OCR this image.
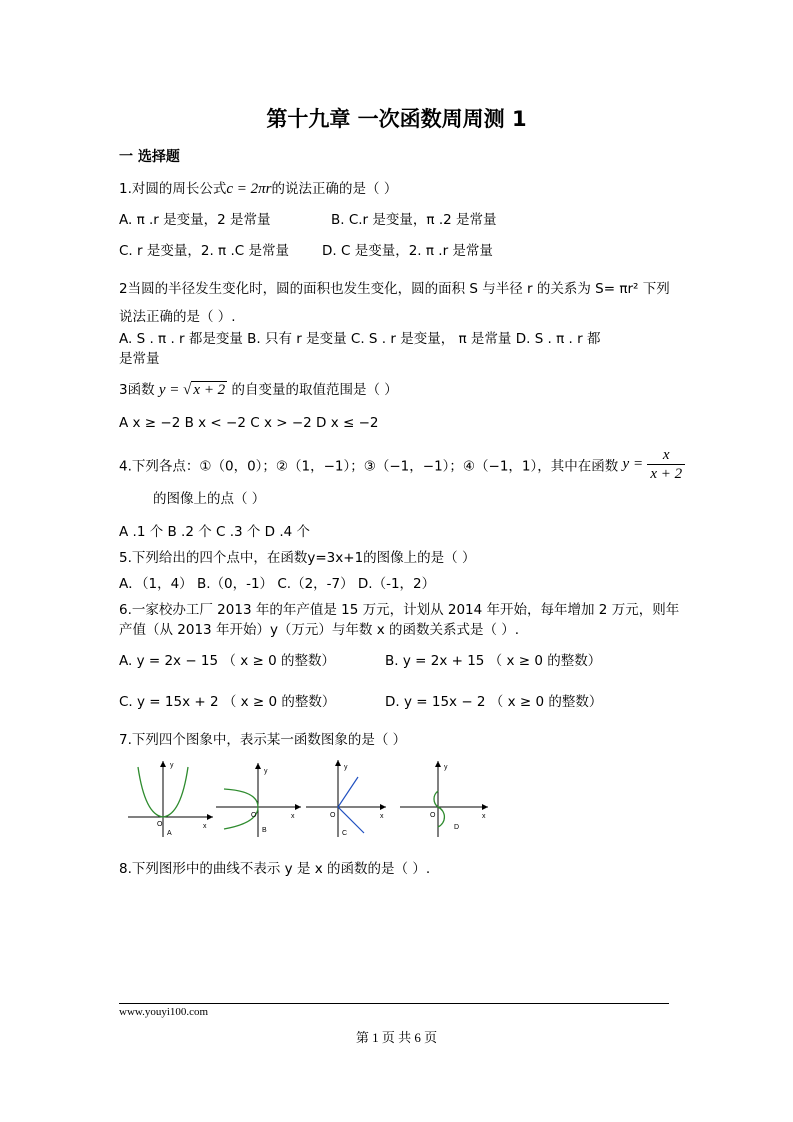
第十九章 一次函数周周测 1
一 选择题
1.对圆的周长公式c = 2πr的说法正确的是（ ）
A. π .r 是变量，2 是常量	B. C.r 是变量，π .2 是常量
C. r 是变量，2. π .C 是常量 D. C 是变量，2. π .r 是常量
2当圆的半径发生变化时，圆的面积也发生变化，圆的面积 S 与半径 r 的关系为 S= πr² 下列
说法正确的是（ ）.
A. S . π . r 都是变量 B. 只有 r 是变量 C. S . r 是变量， π 是常量 D. S . π . r 都
是常量
3函数 y = √ x + 2 的自变量的取值范围是（ ）
A x ≥ −2 B x < −2 C x > −2 D x ≤ −2
4.下列各点：①（0，0）；②（1，−1）；③（−1，−1）；④（−1，1），其中在函数 $y = \frac{x}{x + 2}$
的图像上的点（ ）
A .1 个 B .2 个 C .3 个 D .4 个
5.下列给出的四个点中，在函数y=3x+1的图像上的是（ ）
A．（1，4） B.（0，-1） C.（2，-7） D.（-1，2）
6.一家校办工厂 2013 年的年产值是 15 万元，计划从 2014 年开始，每年增加 2 万元，则年
产值（从 2013 年开始）y（万元）与年数 x 的函数关系式是（ ）.
A. y = 2x − 15 （ x ≥ 0 的整数）	B. y = 2x + 15 （ x ≥ 0 的整数）
C. y = 15x + 2 （ x ≥ 0 的整数）	D. y = 15x − 2 （ x ≥ 0 的整数）
7.下列四个图象中，表示某一函数图象的是（ ）
y
x
O
A
y
x
O
B
y
x
O
C
y
x
O
D
8.下列图形中的曲线不表示 y 是 x 的函数的是（ ）.
www.youyi100.com
第 1 页 共 6 页
